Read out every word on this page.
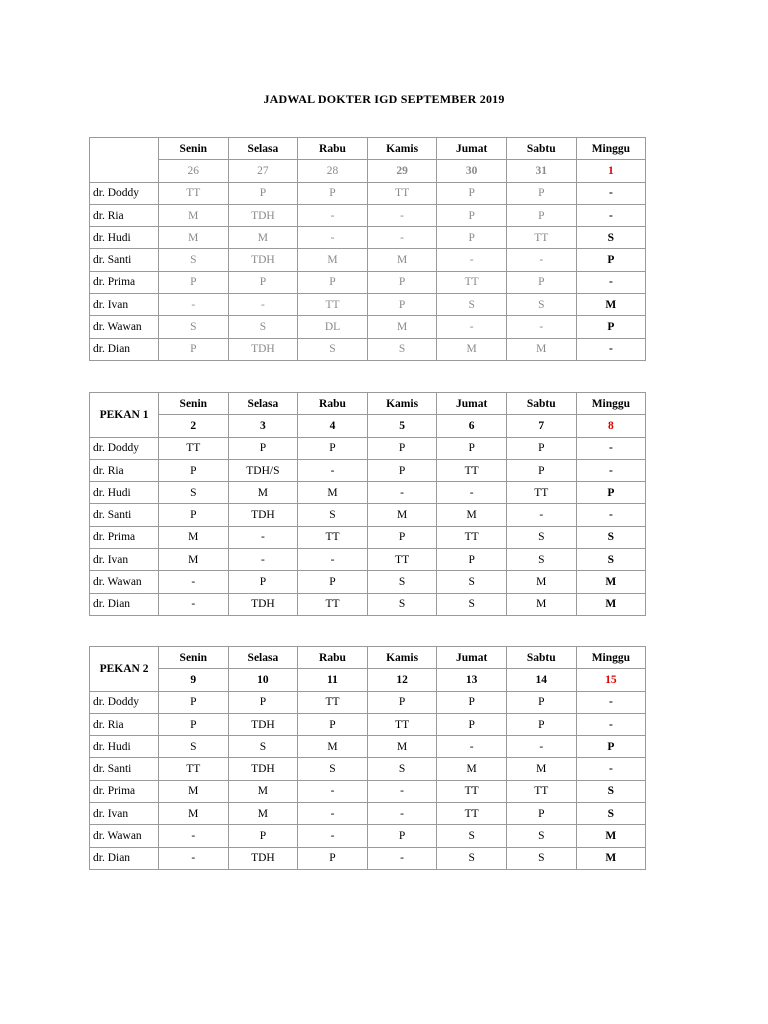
JADWAL DOKTER IGD SEPTEMBER 2019
	Senin	Selasa	Rabu	Kamis	Jumat	Sabtu	Minggu
	26	27	28	29	30	31	1
dr. Doddy	TT	P	P	TT	P	P	-
dr. Ria	M	TDH	-	-	P	P	-
dr. Hudi	M	M	-	-	P	TT	S
dr. Santi	S	TDH	M	M	-	-	P
dr. Prima	P	P	P	P	TT	P	-
dr. Ivan	-	-	TT	P	S	S	M
dr. Wawan	S	S	DL	M	-	-	P
dr. Dian	P	TDH	S	S	M	M	-
PEKAN 1	Senin	Selasa	Rabu	Kamis	Jumat	Sabtu	Minggu
	2	3	4	5	6	7	8
dr. Doddy	TT	P	P	P	P	P	-
dr. Ria	P	TDH/S	-	P	TT	P	-
dr. Hudi	S	M	M	-	-	TT	P
dr. Santi	P	TDH	S	M	M	-	-
dr. Prima	M	-	TT	P	TT	S	S
dr. Ivan	M	-	-	TT	P	S	S
dr. Wawan	-	P	P	S	S	M	M
dr. Dian	-	TDH	TT	S	S	M	M
PEKAN 2	Senin	Selasa	Rabu	Kamis	Jumat	Sabtu	Minggu
	9	10	11	12	13	14	15
dr. Doddy	P	P	TT	P	P	P	-
dr. Ria	P	TDH	P	TT	P	P	-
dr. Hudi	S	S	M	M	-	-	P
dr. Santi	TT	TDH	S	S	M	M	-
dr. Prima	M	M	-	-	TT	TT	S
dr. Ivan	M	M	-	-	TT	P	S
dr. Wawan	-	P	-	P	S	S	M
dr. Dian	-	TDH	P	-	S	S	M
